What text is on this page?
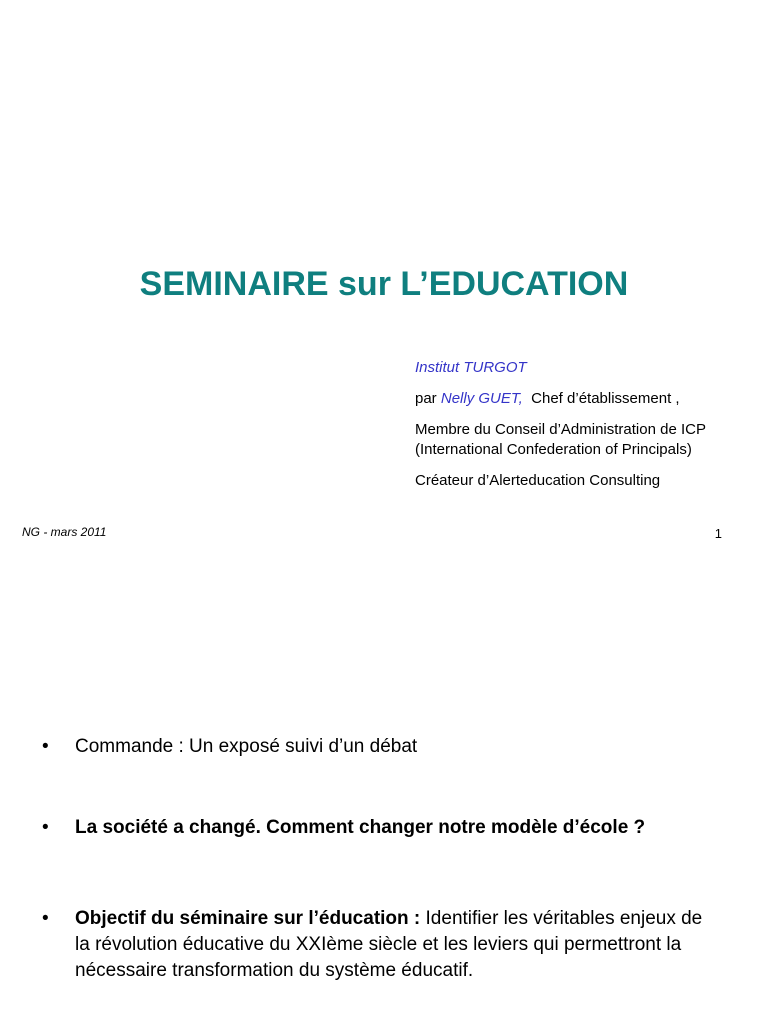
SEMINAIRE sur L’EDUCATION

Institut TURGOT

par Nelly GUET,  Chef d’établissement ,

Membre du Conseil d’Administration de ICP (International Confederation of Principals)

Créateur d’Alerteducation Consulting

NG - mars 2011	1
•	Commande : Un exposé suivi d’un débat
•	La société a changé. Comment changer notre modèle d’école ?
•	Objectif du séminaire sur l’éducation : Identifier les véritables enjeux de la révolution éducative du XXIème siècle et les leviers qui permettront la nécessaire transformation du système éducatif.
